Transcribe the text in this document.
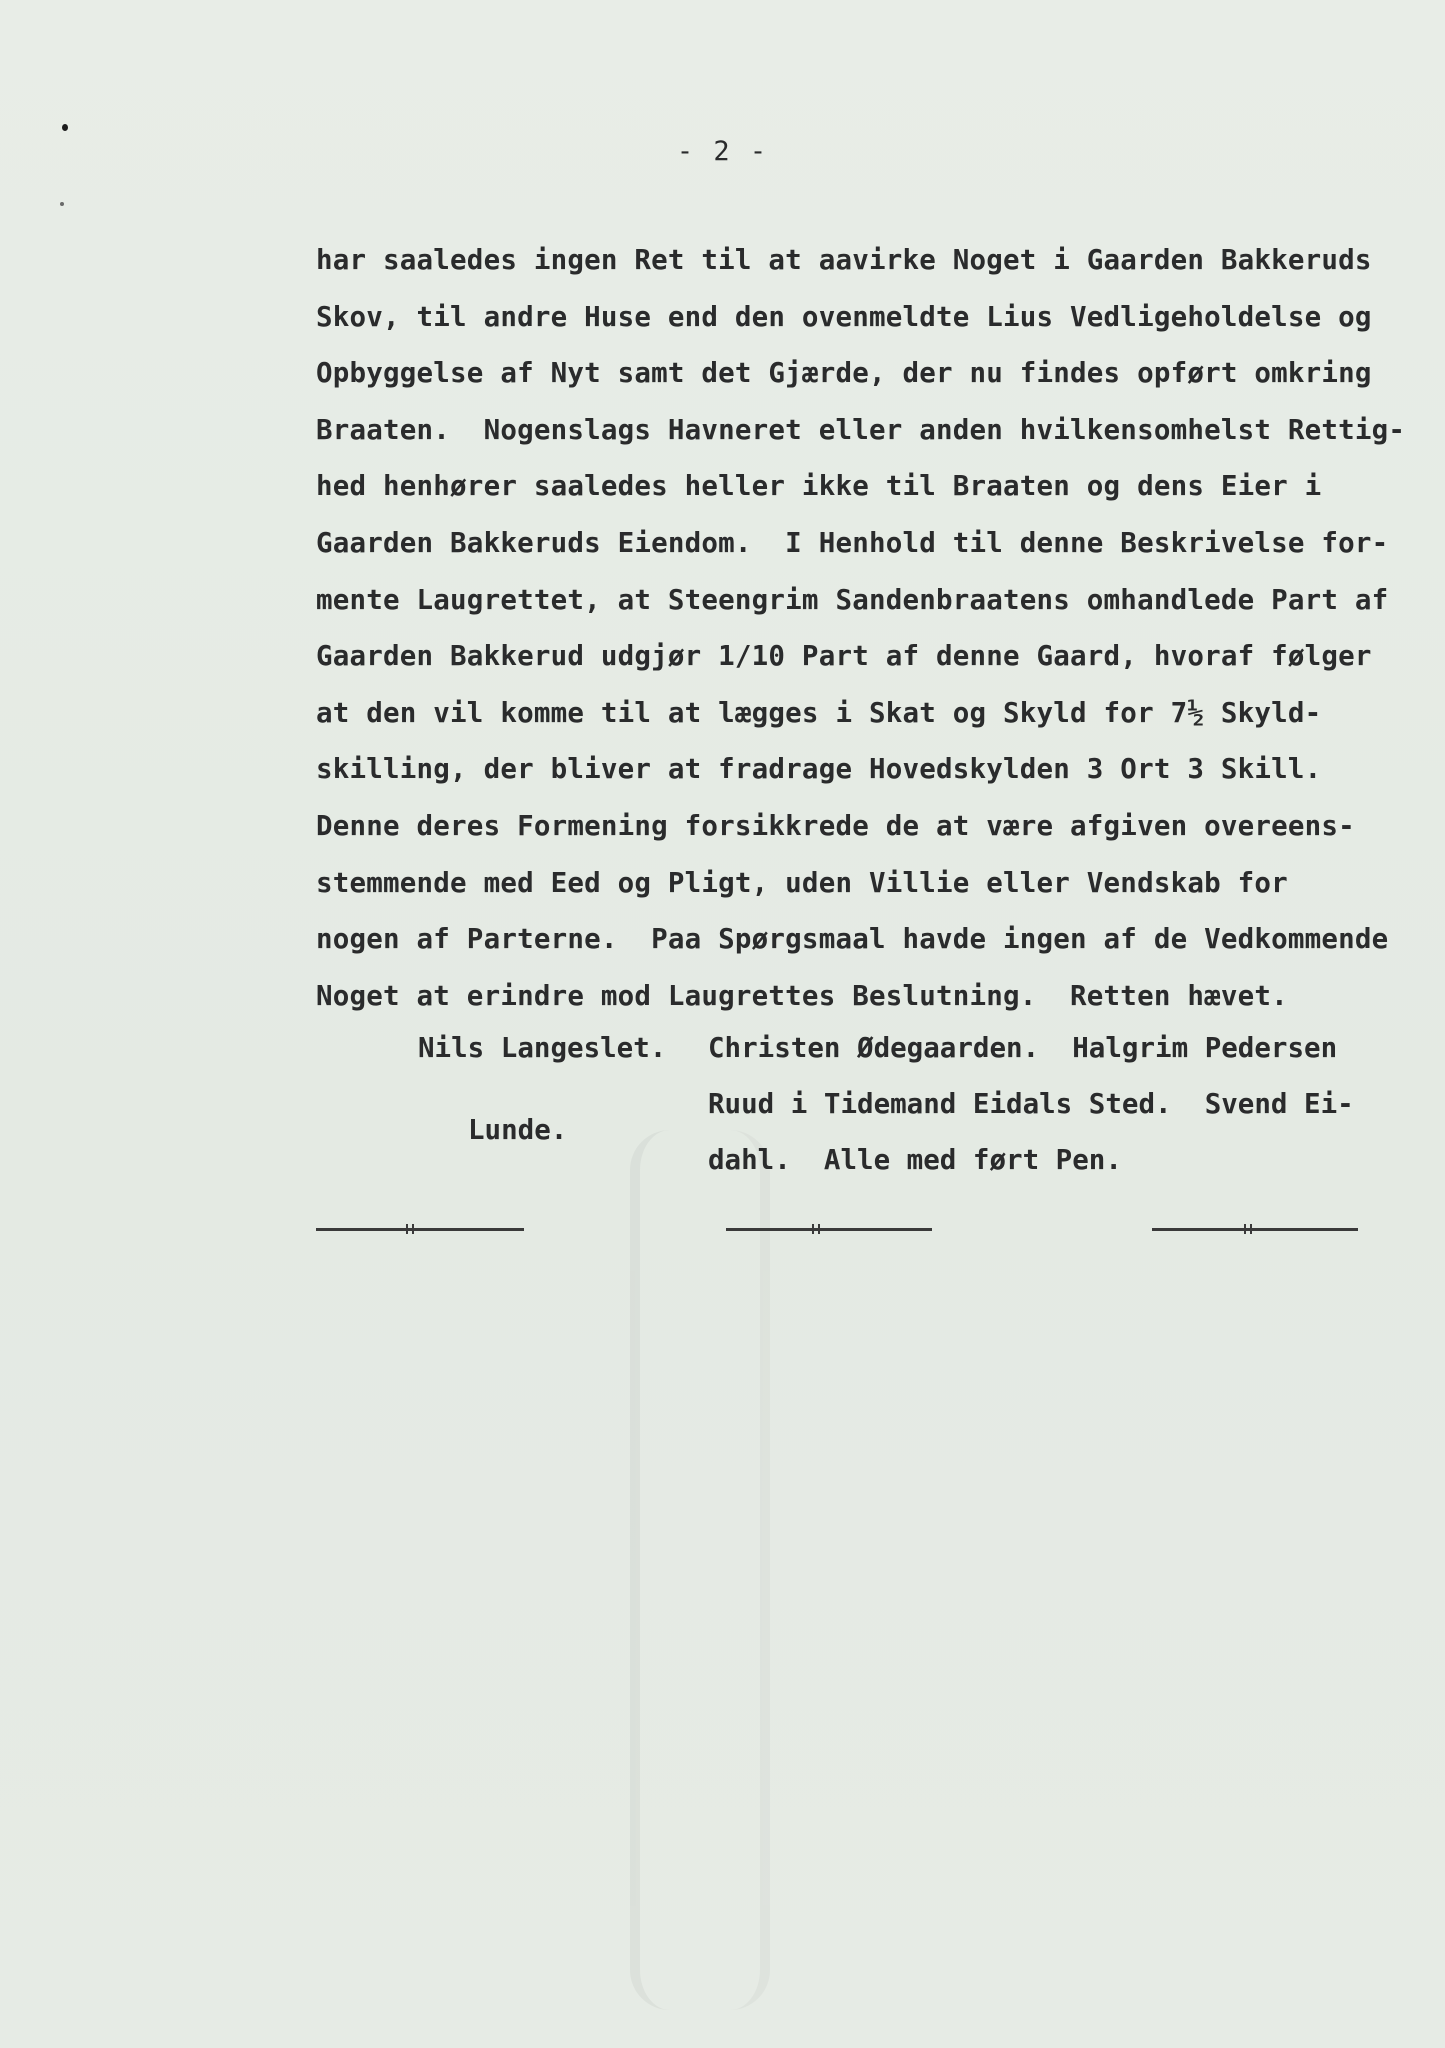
- 2 -
har saaledes ingen Ret til at aavirke Noget i Gaarden Bakkeruds
Skov, til andre Huse end den ovenmeldte Lius Vedligeholdelse og
Opbyggelse af Nyt samt det Gjærde, der nu findes opført omkring
Braaten.  Nogenslags Havneret eller anden hvilkensomhelst Rettig-
hed henhører saaledes heller ikke til Braaten og dens Eier i
Gaarden Bakkeruds Eiendom.  I Henhold til denne Beskrivelse for-
mente Laugrettet, at Steengrim Sandenbraatens omhandlede Part af
Gaarden Bakkerud udgjør 1/10 Part af denne Gaard, hvoraf følger
at den vil komme til at lægges i Skat og Skyld for 7½ Skyld-
skilling, der bliver at fradrage Hovedskylden 3 Ort 3 Skill.
Denne deres Formening forsikkrede de at være afgiven overeens-
stemmende med Eed og Pligt, uden Villie eller Vendskab for
nogen af Parterne.  Paa Spørgsmaal havde ingen af de Vedkommende
Noget at erindre mod Laugrettes Beslutning.  Retten hævet.
Nils Langeslet. Christen Ødegaarden.  Halgrim Pedersen
Ruud i Tidemand Eidals Sted.  Svend Ei-
Lunde.
dahl.  Alle med ført Pen.
